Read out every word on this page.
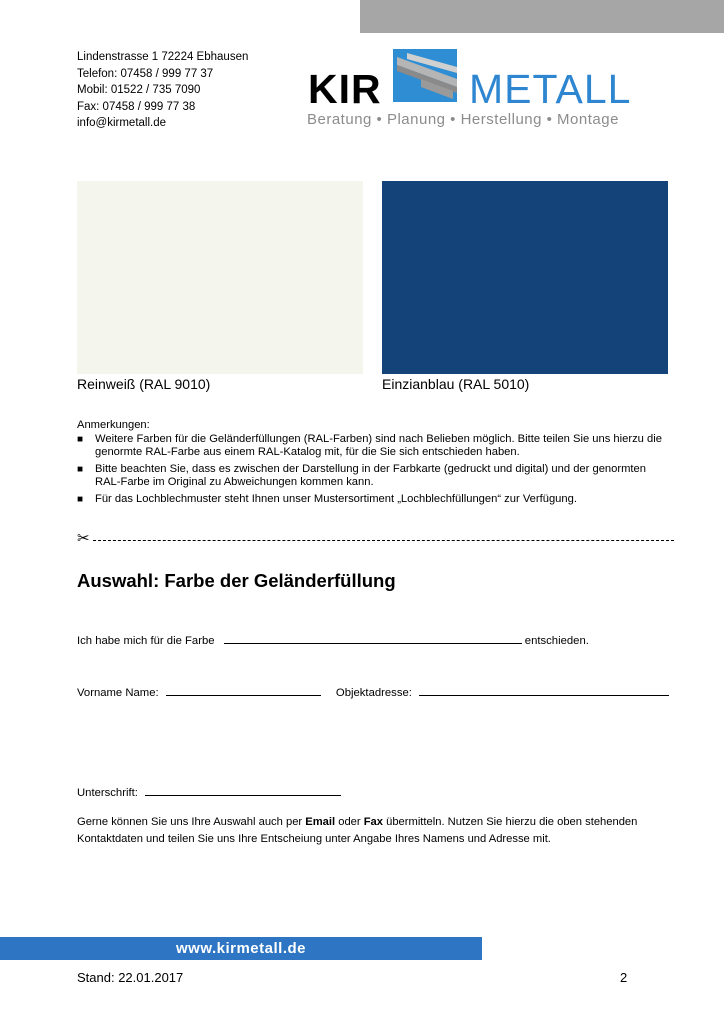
Lindenstrasse 1 72224 Ebhausen
Telefon: 07458 / 999 77 37
Mobil: 01522 / 735 7090
Fax: 07458 / 999 77 38
info@kirmetall.de
KIR METALL
Beratung • Planung • Herstellung • Montage
Reinweiß (RAL 9010)	Einzianblau (RAL 5010)
Anmerkungen:
■ Weitere Farben für die Geländerfüllungen (RAL-Farben) sind nach Belieben möglich. Bitte teilen Sie uns hierzu die genormte RAL-Farbe aus einem RAL-Katalog mit, für die Sie sich entschieden haben.
■ Bitte beachten Sie, dass es zwischen der Darstellung in der Farbkarte (gedruckt und digital) und der genormten RAL-Farbe im Original zu Abweichungen kommen kann.
■ Für das Lochblechmuster steht Ihnen unser Mustersortiment „Lochblechfüllungen“ zur Verfügung.
✂
Auswahl: Farbe der Geländerfüllung
Ich habe mich für die Farbe	entschieden.
Vorname Name:	Objektadresse:
Unterschrift:
Gerne können Sie uns Ihre Auswahl auch per Email oder Fax übermitteln. Nutzen Sie hierzu die oben stehenden Kontaktdaten und teilen Sie uns Ihre Entscheiung unter Angabe Ihres Namens und Adresse mit.
www.kirmetall.de
Stand: 22.01.2017	2
